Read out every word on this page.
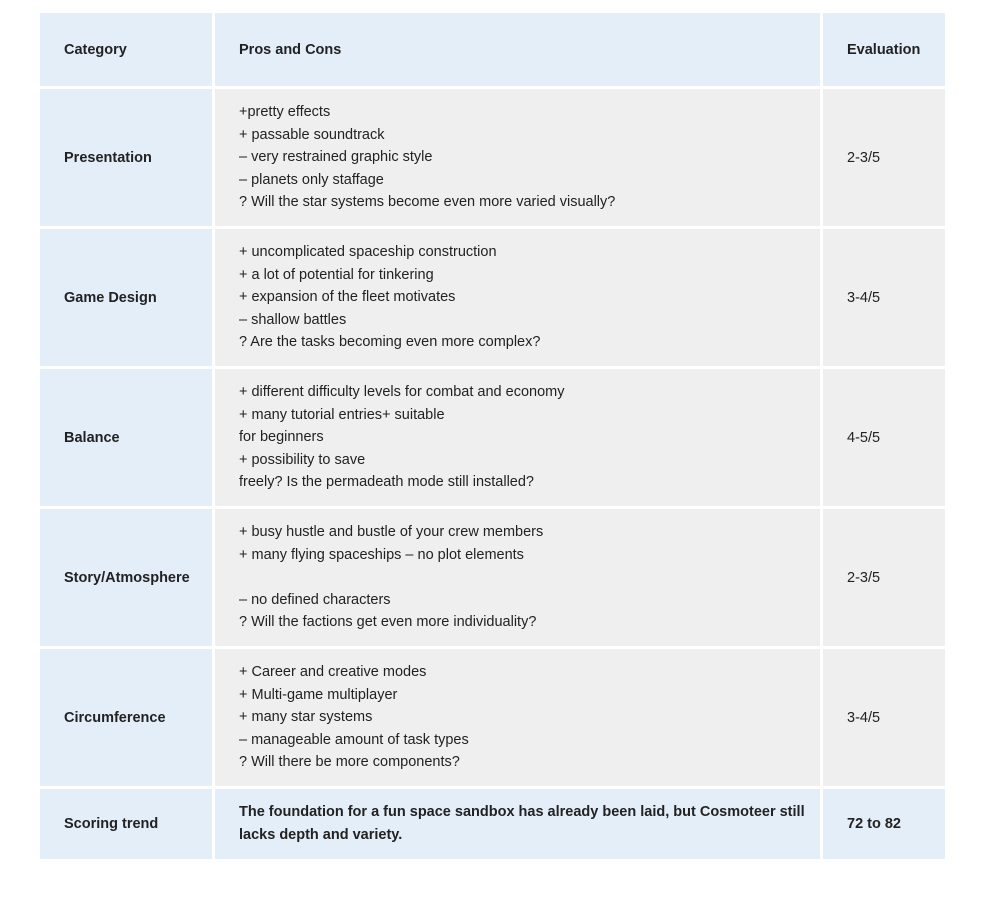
Category	Pros and Cons	Evaluation
Presentation	+pretty effects
+ passable soundtrack
– very restrained graphic style
– planets only staffage
? Will the star systems become even more varied visually?	2-3/5
Game Design	+ uncomplicated spaceship construction
+ a lot of potential for tinkering
+ expansion of the fleet motivates
– shallow battles
? Are the tasks becoming even more complex?	3-4/5
Balance	+ different difficulty levels for combat and economy
+ many tutorial entries+ suitable
for beginners
+ possibility to save
freely? Is the permadeath mode still installed?	4-5/5
Story/Atmosphere	+ busy hustle and bustle of your crew members
+ many flying spaceships – no plot elements
– no defined characters
? Will the factions get even more individuality?	2-3/5
Circumference	+ Career and creative modes
+ Multi-game multiplayer
+ many star systems
– manageable amount of task types
? Will there be more components?	3-4/5
Scoring trend	The foundation for a fun space sandbox has already been laid, but Cosmoteer still lacks depth and variety.	72 to 82
